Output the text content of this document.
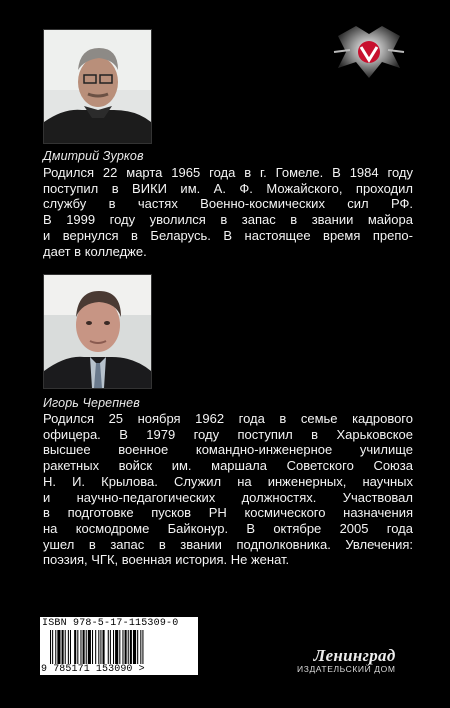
Дмитрий Зурков
Родился 22 марта 1965 года в г. Гомеле. В 1984 году
поступил в ВИКИ им. А. Ф. Можайского, проходил
службу в частях Военно-космических сил РФ.
В 1999 году уволился в запас в звании майора
и вернулся в Беларусь. В настоящее время препо-
дает в колледже.
Игорь Черепнев
Родился 25 ноября 1962 года в семье кадрового
офицера. В 1979 году поступил в Харьковское
высшее военное командно-инженерное училище
ракетных войск им. маршала Советского Союза
Н. И. Крылова. Служил на инженерных, научных
и научно-педагогических должностях. Участвовал
в подготовке пусков РН космического назначения
на космодроме Байконур. В октябре 2005 года
ушел в запас в звании подполковника. Увлечения:
поэзия, ЧГК, военная история. Не женат.
ISBN 978-5-17-115309-0
9 785171 153090 >
Ленинград
ИЗДАТЕЛЬСКИЙ ДОМ
